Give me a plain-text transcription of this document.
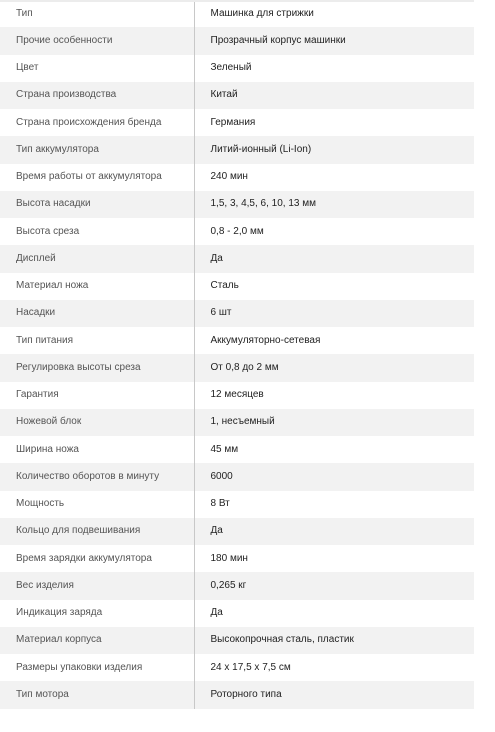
Тип	Машинка для стрижки
Прочие особенности	Прозрачный корпус машинки
Цвет	Зеленый
Страна производства	Китай
Страна происхождения бренда	Германия
Тип аккумулятора	Литий-ионный (Li-Ion)
Время работы от аккумулятора	240 мин
Высота насадки	1,5, 3, 4,5, 6, 10, 13 мм
Высота среза	0,8 - 2,0 мм
Дисплей	Да
Материал ножа	Сталь
Насадки	6 шт
Тип питания	Аккумуляторно-сетевая
Регулировка высоты среза	От 0,8 до 2 мм
Гарантия	12 месяцев
Ножевой блок	1, несъемный
Ширина ножа	45 мм
Количество оборотов в минуту	6000
Мощность	8 Вт
Кольцо для подвешивания	Да
Время зарядки аккумулятора	180 мин
Вес изделия	0,265 кг
Индикация заряда	Да
Материал корпуса	Высокопрочная сталь, пластик
Размеры упаковки изделия	24 x 17,5 x 7,5 см
Тип мотора	Роторного типа
